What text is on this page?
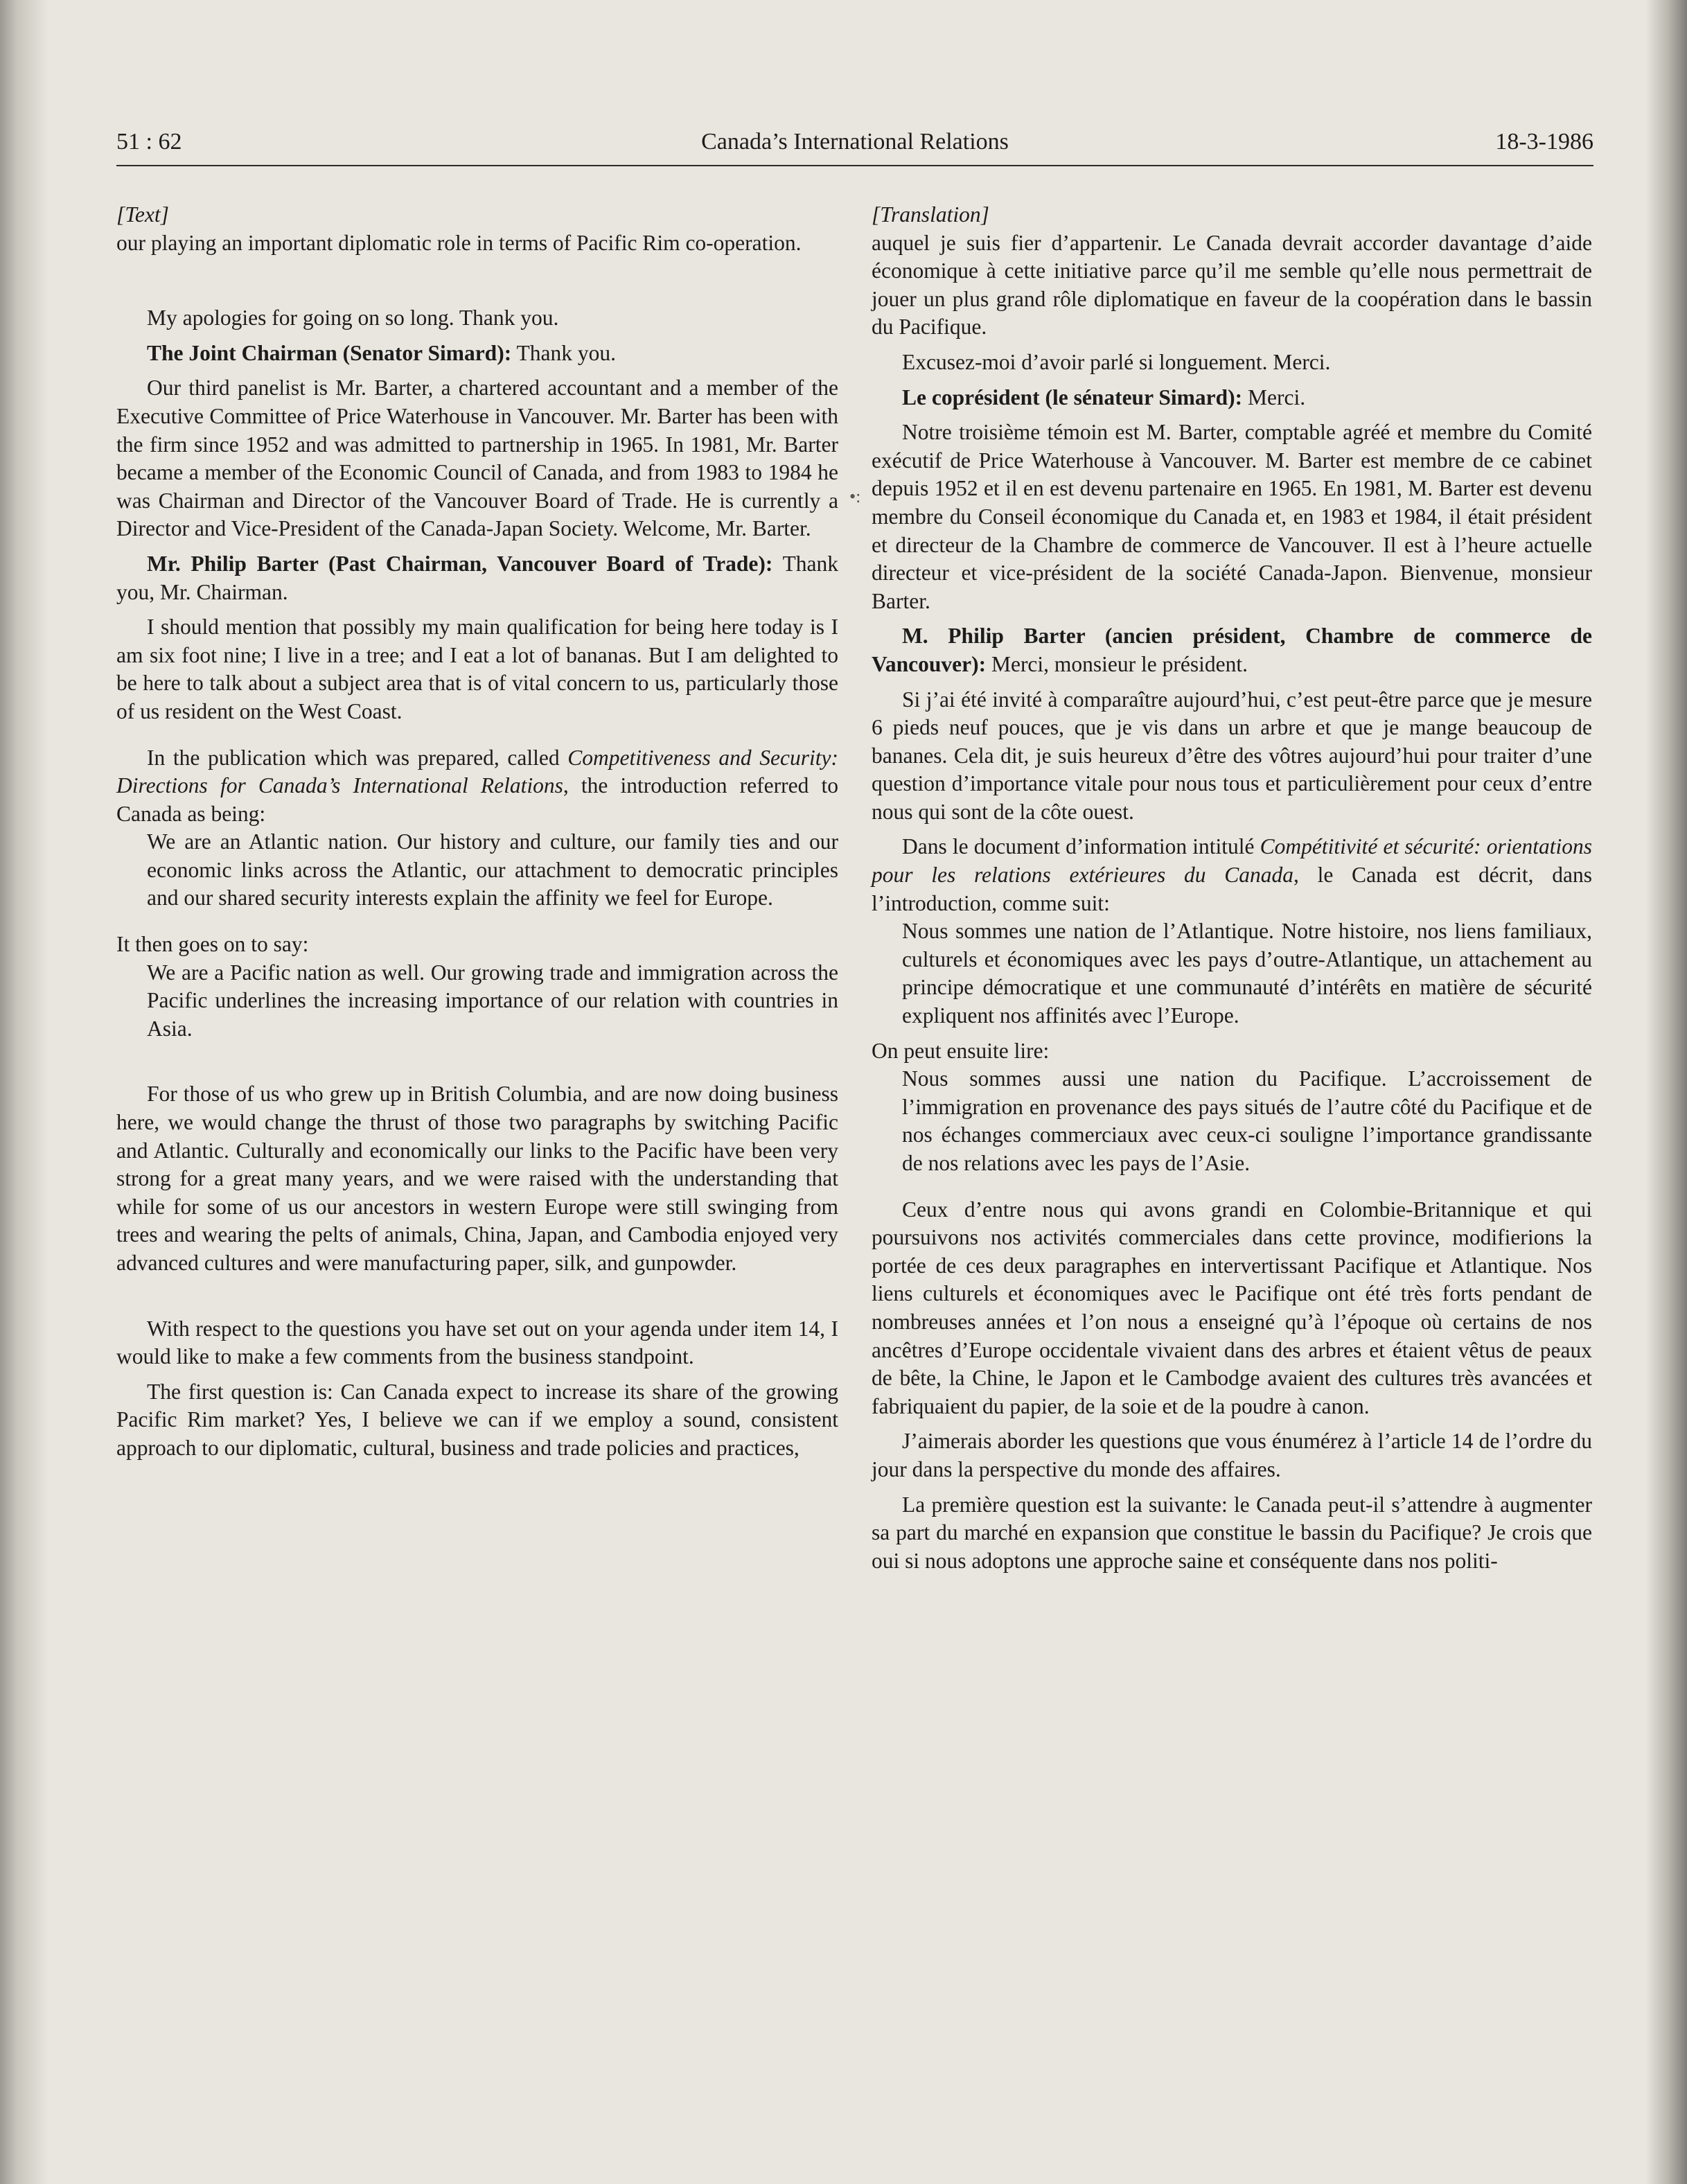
51 : 62	Canada’s International Relations	18-3-1986
•:
[Text]

our playing an important diplomatic role in terms of Pacific Rim co-operation.

My apologies for going on so long. Thank you.

The Joint Chairman (Senator Simard): Thank you.

Our third panelist is Mr. Barter, a chartered accountant and a member of the Executive Committee of Price Waterhouse in Vancouver. Mr. Barter has been with the firm since 1952 and was admitted to partnership in 1965. In 1981, Mr. Barter became a member of the Economic Council of Canada, and from 1983 to 1984 he was Chairman and Director of the Vancouver Board of Trade. He is currently a Director and Vice-President of the Canada-Japan Society. Welcome, Mr. Barter.

Mr. Philip Barter (Past Chairman, Vancouver Board of Trade): Thank you, Mr. Chairman.

I should mention that possibly my main qualification for being here today is I am six foot nine; I live in a tree; and I eat a lot of bananas. But I am delighted to be here to talk about a subject area that is of vital concern to us, particularly those of us resident on the West Coast.

In the publication which was prepared, called Competitiveness and Security: Directions for Canada’s International Relations, the introduction referred to Canada as being:

We are an Atlantic nation. Our history and culture, our family ties and our economic links across the Atlantic, our attachment to democratic principles and our shared security interests explain the affinity we feel for Europe.

It then goes on to say:

We are a Pacific nation as well. Our growing trade and immigration across the Pacific underlines the increasing importance of our relation with countries in Asia.

For those of us who grew up in British Columbia, and are now doing business here, we would change the thrust of those two paragraphs by switching Pacific and Atlantic. Culturally and economically our links to the Pacific have been very strong for a great many years, and we were raised with the understanding that while for some of us our ancestors in western Europe were still swinging from trees and wearing the pelts of animals, China, Japan, and Cambodia enjoyed very advanced cultures and were manufacturing paper, silk, and gunpowder.

With respect to the questions you have set out on your agenda under item 14, I would like to make a few comments from the business standpoint.

The first question is: Can Canada expect to increase its share of the growing Pacific Rim market? Yes, I believe we can if we employ a sound, consistent approach to our diplomatic, cultural, business and trade policies and practices,

[Translation]

auquel je suis fier d’appartenir. Le Canada devrait accorder davantage d’aide économique à cette initiative parce qu’il me semble qu’elle nous permettrait de jouer un plus grand rôle diplomatique en faveur de la coopération dans le bassin du Pacifique.

Excusez-moi d’avoir parlé si longuement. Merci.

Le coprésident (le sénateur Simard): Merci.

Notre troisième témoin est M. Barter, comptable agréé et membre du Comité exécutif de Price Waterhouse à Vancouver. M. Barter est membre de ce cabinet depuis 1952 et il en est devenu partenaire en 1965. En 1981, M. Barter est devenu membre du Conseil économique du Canada et, en 1983 et 1984, il était président et directeur de la Chambre de commerce de Vancouver. Il est à l’heure actuelle directeur et vice-président de la société Canada-Japon. Bienvenue, monsieur Barter.

M. Philip Barter (ancien président, Chambre de commerce de Vancouver): Merci, monsieur le président.

Si j’ai été invité à comparaître aujourd’hui, c’est peut-être parce que je mesure 6 pieds neuf pouces, que je vis dans un arbre et que je mange beaucoup de bananes. Cela dit, je suis heureux d’être des vôtres aujourd’hui pour traiter d’une question d’importance vitale pour nous tous et particulièrement pour ceux d’entre nous qui sont de la côte ouest.

Dans le document d’information intitulé Compétitivité et sécurité: orientations pour les relations extérieures du Canada, le Canada est décrit, dans l’introduction, comme suit:

Nous sommes une nation de l’Atlantique. Notre histoire, nos liens familiaux, culturels et économiques avec les pays d’outre-Atlantique, un attachement au principe démocratique et une communauté d’intérêts en matière de sécurité expliquent nos affinités avec l’Europe.

On peut ensuite lire:

Nous sommes aussi une nation du Pacifique. L’accroissement de l’immigration en provenance des pays situés de l’autre côté du Pacifique et de nos échanges commerciaux avec ceux-ci souligne l’importance grandissante de nos relations avec les pays de l’Asie.

Ceux d’entre nous qui avons grandi en Colombie-Britannique et qui poursuivons nos activités commerciales dans cette province, modifierions la portée de ces deux paragraphes en intervertissant Pacifique et Atlantique. Nos liens culturels et économiques avec le Pacifique ont été très forts pendant de nombreuses années et l’on nous a enseigné qu’à l’époque où certains de nos ancêtres d’Europe occidentale vivaient dans des arbres et étaient vêtus de peaux de bête, la Chine, le Japon et le Cambodge avaient des cultures très avancées et fabriquaient du papier, de la soie et de la poudre à canon.

J’aimerais aborder les questions que vous énumérez à l’article 14 de l’ordre du jour dans la perspective du monde des affaires.

La première question est la suivante: le Canada peut-il s’attendre à augmenter sa part du marché en expansion que constitue le bassin du Pacifique? Je crois que oui si nous adoptons une approche saine et conséquente dans nos politi-
